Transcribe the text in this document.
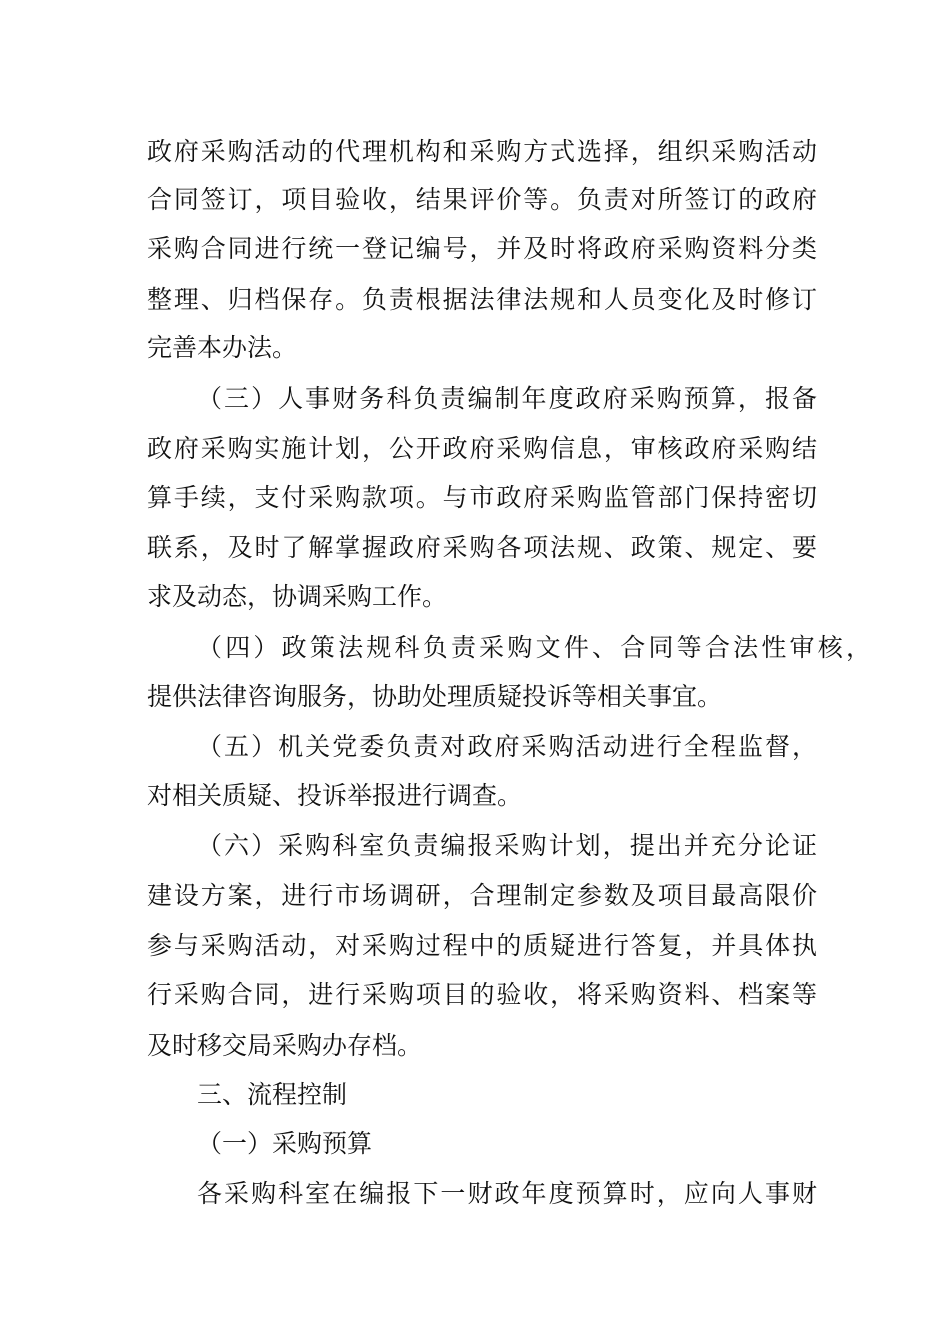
政府采购活动的代理机构和采购方式选择，组织采购活动
合同签订，项目验收，结果评价等。负责对所签订的政府
采购合同进行统一登记编号，并及时将政府采购资料分类
整理、归档保存。负责根据法律法规和人员变化及时修订
完善本办法。
（三）人事财务科负责编制年度政府采购预算，报备
政府采购实施计划，公开政府采购信息，审核政府采购结
算手续，支付采购款项。与市政府采购监管部门保持密切
联系，及时了解掌握政府采购各项法规、政策、规定、要
求及动态，协调采购工作。
（四）政策法规科负责采购文件、合同等合法性审核，
提供法律咨询服务，协助处理质疑投诉等相关事宜。
（五）机关党委负责对政府采购活动进行全程监督，
对相关质疑、投诉举报进行调查。
（六）采购科室负责编报采购计划，提出并充分论证
建设方案，进行市场调研，合理制定参数及项目最高限价
参与采购活动，对采购过程中的质疑进行答复，并具体执
行采购合同，进行采购项目的验收，将采购资料、档案等
及时移交局采购办存档。
三、流程控制
（一）采购预算
各采购科室在编报下一财政年度预算时，应向人事财
